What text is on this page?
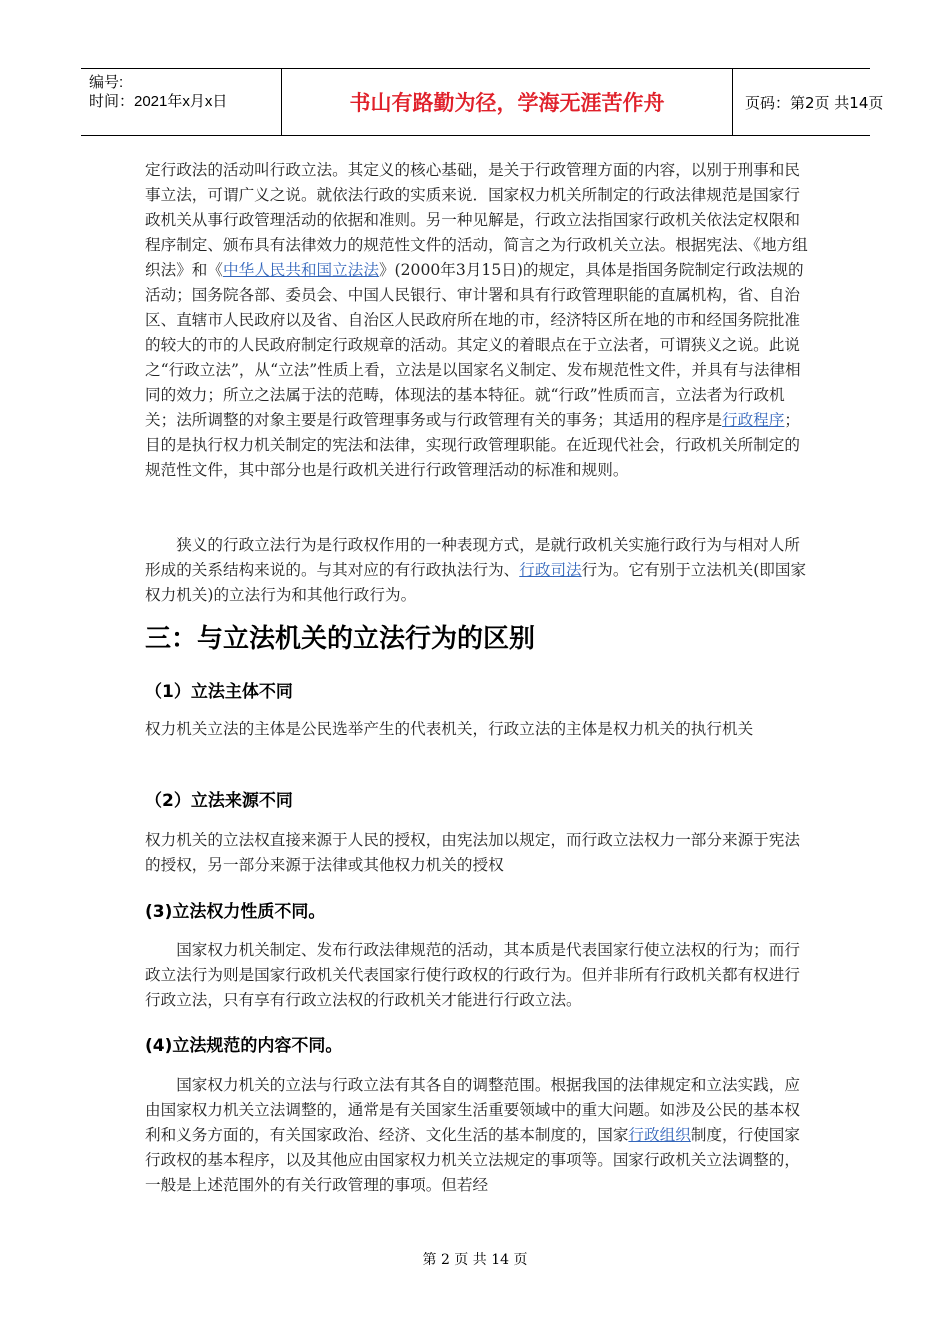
编号:
时间：2021年x月x日	书山有路勤为径，学海无涯苦作舟	页码：第2页 共14页

定行政法的活动叫行政立法。其定义的核心基础，是关于行政管理方面的内容，以别于刑事和民事立法，可谓广义之说。就依法行政的实质来说．国家权力机关所制定的行政法律规范是国家行政机关从事行政管理活动的依据和准则。另一种见解是，行政立法指国家行政机关依法定权限和程序制定、颁布具有法律效力的规范性文件的活动，简言之为行政机关立法。根据宪法、《地方组织法》和《中华人民共和国立法法》(2000年3月15日)的规定，具体是指国务院制定行政法规的活动；国务院各部、委员会、中国人民银行、审计署和具有行政管理职能的直属机构，省、自治区、直辖市人民政府以及省、自治区人民政府所在地的市，经济特区所在地的市和经国务院批准的较大的市的人民政府制定行政规章的活动。其定义的着眼点在于立法者，可谓狭义之说。此说之“行政立法”，从“立法”性质上看，立法是以国家名义制定、发布规范性文件，并具有与法律相同的效力；所立之法属于法的范畴，体现法的基本特征。就“行政”性质而言，立法者为行政机关；法所调整的对象主要是行政管理事务或与行政管理有关的事务；其适用的程序是行政程序；目的是执行权力机关制定的宪法和法律，实现行政管理职能。在近现代社会，行政机关所制定的规范性文件，其中部分也是行政机关进行行政管理活动的标准和规则。

狭义的行政立法行为是行政权作用的一种表现方式，是就行政机关实施行政行为与相对人所形成的关系结构来说的。与其对应的有行政执法行为、行政司法行为。它有别于立法机关(即国家权力机关)的立法行为和其他行政行为。

三：与立法机关的立法行为的区别
（1）立法主体不同

权力机关立法的主体是公民选举产生的代表机关，行政立法的主体是权力机关的执行机关

（2）立法来源不同

权力机关的立法权直接来源于人民的授权，由宪法加以规定，而行政立法权力一部分来源于宪法的授权，另一部分来源于法律或其他权力机关的授权

(3)立法权力性质不同。

国家权力机关制定、发布行政法律规范的活动，其本质是代表国家行使立法权的行为；而行政立法行为则是国家行政机关代表国家行使行政权的行政行为。但并非所有行政机关都有权进行行政立法，只有享有行政立法权的行政机关才能进行行政立法。

(4)立法规范的内容不同。

国家权力机关的立法与行政立法有其各自的调整范围。根据我国的法律规定和立法实践，应由国家权力机关立法调整的，通常是有关国家生活重要领域中的重大问题。如涉及公民的基本权利和义务方面的，有关国家政治、经济、文化生活的基本制度的，国家行政组织制度，行使国家行政权的基本程序，以及其他应由国家权力机关立法规定的事项等。国家行政机关立法调整的，一般是上述范围外的有关行政管理的事项。但若经

第 2 页 共 14 页
